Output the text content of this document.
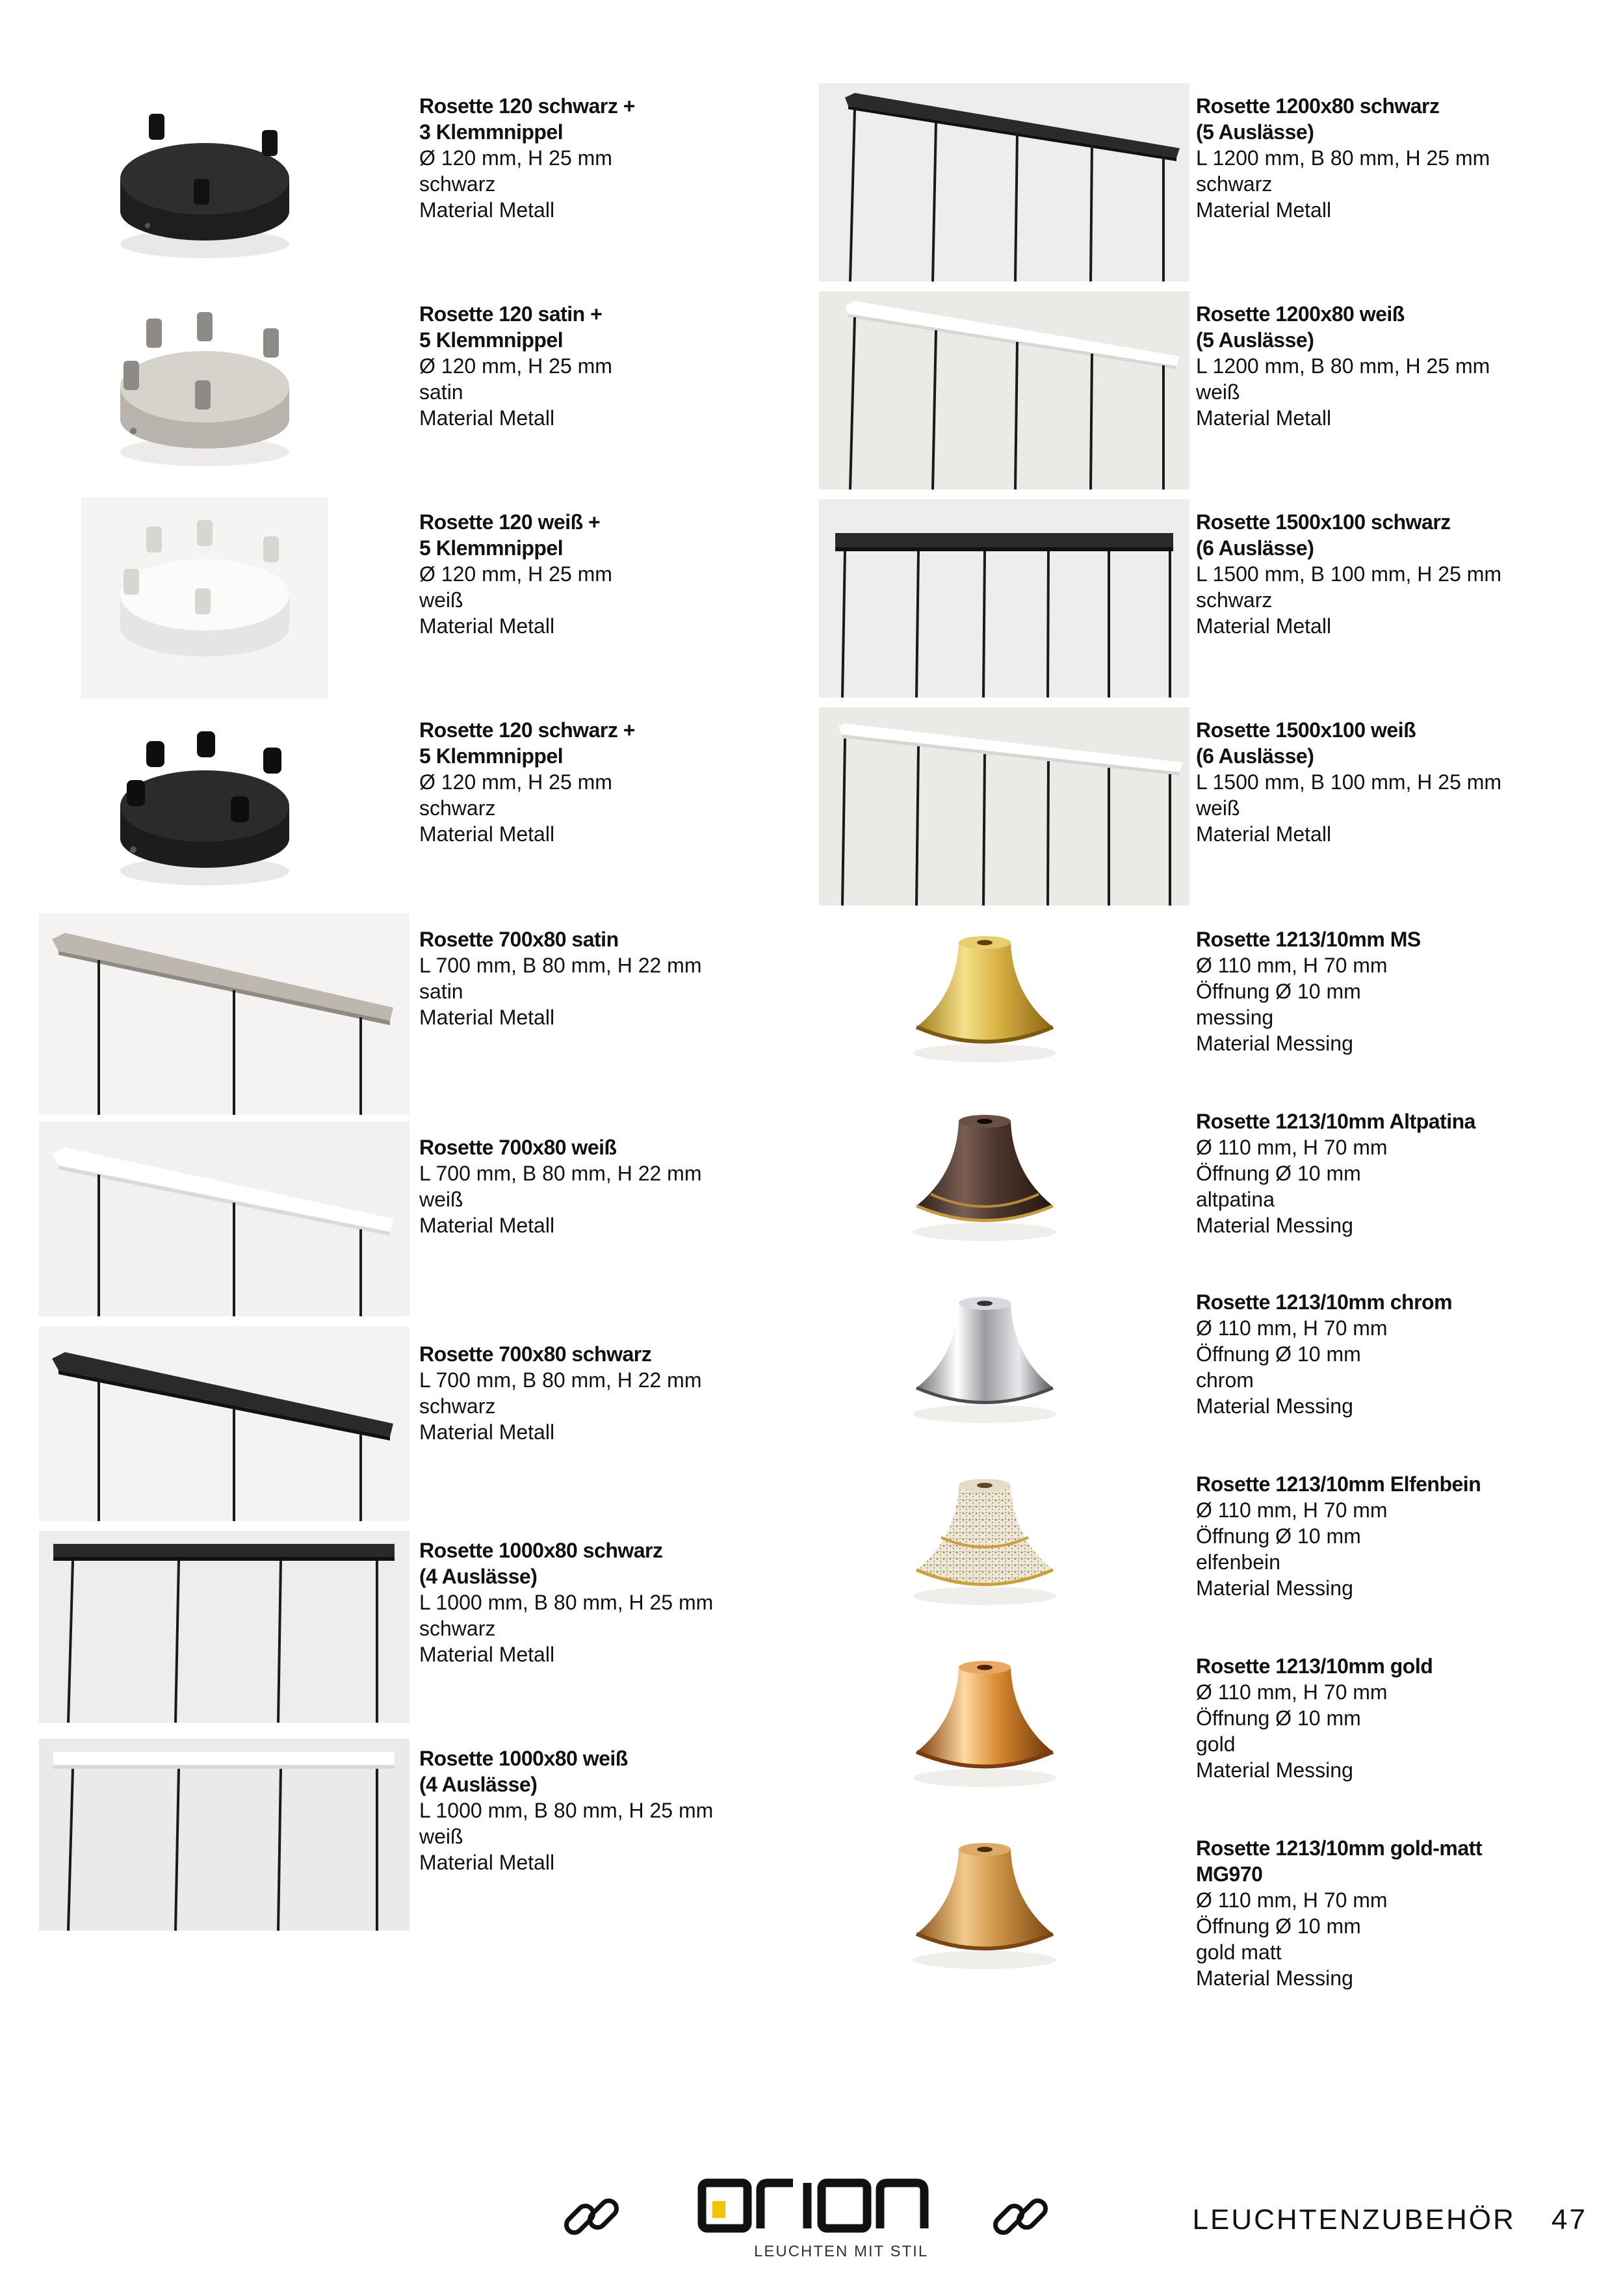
Rosette 120 schwarz +
3 Klemmnippel
Ø 120 mm, H 25 mm
schwarz
Material Metall
Rosette 120 satin +
5 Klemmnippel
Ø 120 mm, H 25 mm
satin
Material Metall
Rosette 120 weiß +
5 Klemmnippel
Ø 120 mm, H 25 mm
weiß
Material Metall
Rosette 120 schwarz +
5 Klemmnippel
Ø 120 mm, H 25 mm
schwarz
Material Metall
Rosette 700x80 satin
L 700 mm, B 80 mm, H 22 mm
satin
Material Metall
Rosette 700x80 weiß
L 700 mm, B 80 mm, H 22 mm
weiß
Material Metall
Rosette 700x80 schwarz
L 700 mm, B 80 mm, H 22 mm
schwarz
Material Metall
Rosette 1000x80 schwarz
(4 Auslässe)
L 1000 mm, B 80 mm, H 25 mm
schwarz
Material Metall
Rosette 1000x80 weiß
(4 Auslässe)
L 1000 mm, B 80 mm, H 25 mm
weiß
Material Metall
Rosette 1200x80 schwarz
(5 Auslässe)
L 1200 mm, B 80 mm, H 25 mm
schwarz
Material Metall
Rosette 1200x80 weiß
(5 Auslässe)
L 1200 mm, B 80 mm, H 25 mm
weiß
Material Metall
Rosette 1500x100 schwarz
(6 Auslässe)
L 1500 mm, B 100 mm, H 25 mm
schwarz
Material Metall
Rosette 1500x100 weiß
(6 Auslässe)
L 1500 mm, B 100 mm, H 25 mm
weiß
Material Metall
Rosette 1213/10mm MS
Ø 110 mm, H 70 mm
Öffnung Ø 10 mm
messing
Material Messing
Rosette 1213/10mm Altpatina
Ø 110 mm, H 70 mm
Öffnung Ø 10 mm
altpatina
Material Messing
Rosette 1213/10mm chrom
Ø 110 mm, H 70 mm
Öffnung Ø 10 mm
chrom
Material Messing
Rosette 1213/10mm Elfenbein
Ø 110 mm, H 70 mm
Öffnung Ø 10 mm
elfenbein
Material Messing
Rosette 1213/10mm gold
Ø 110 mm, H 70 mm
Öffnung Ø 10 mm
gold
Material Messing
Rosette 1213/10mm gold-matt
MG970
Ø 110 mm, H 70 mm
Öffnung Ø 10 mm
gold matt
Material Messing
LEUCHTEN MIT STIL
LEUCHTENZUBEHÖR 47
